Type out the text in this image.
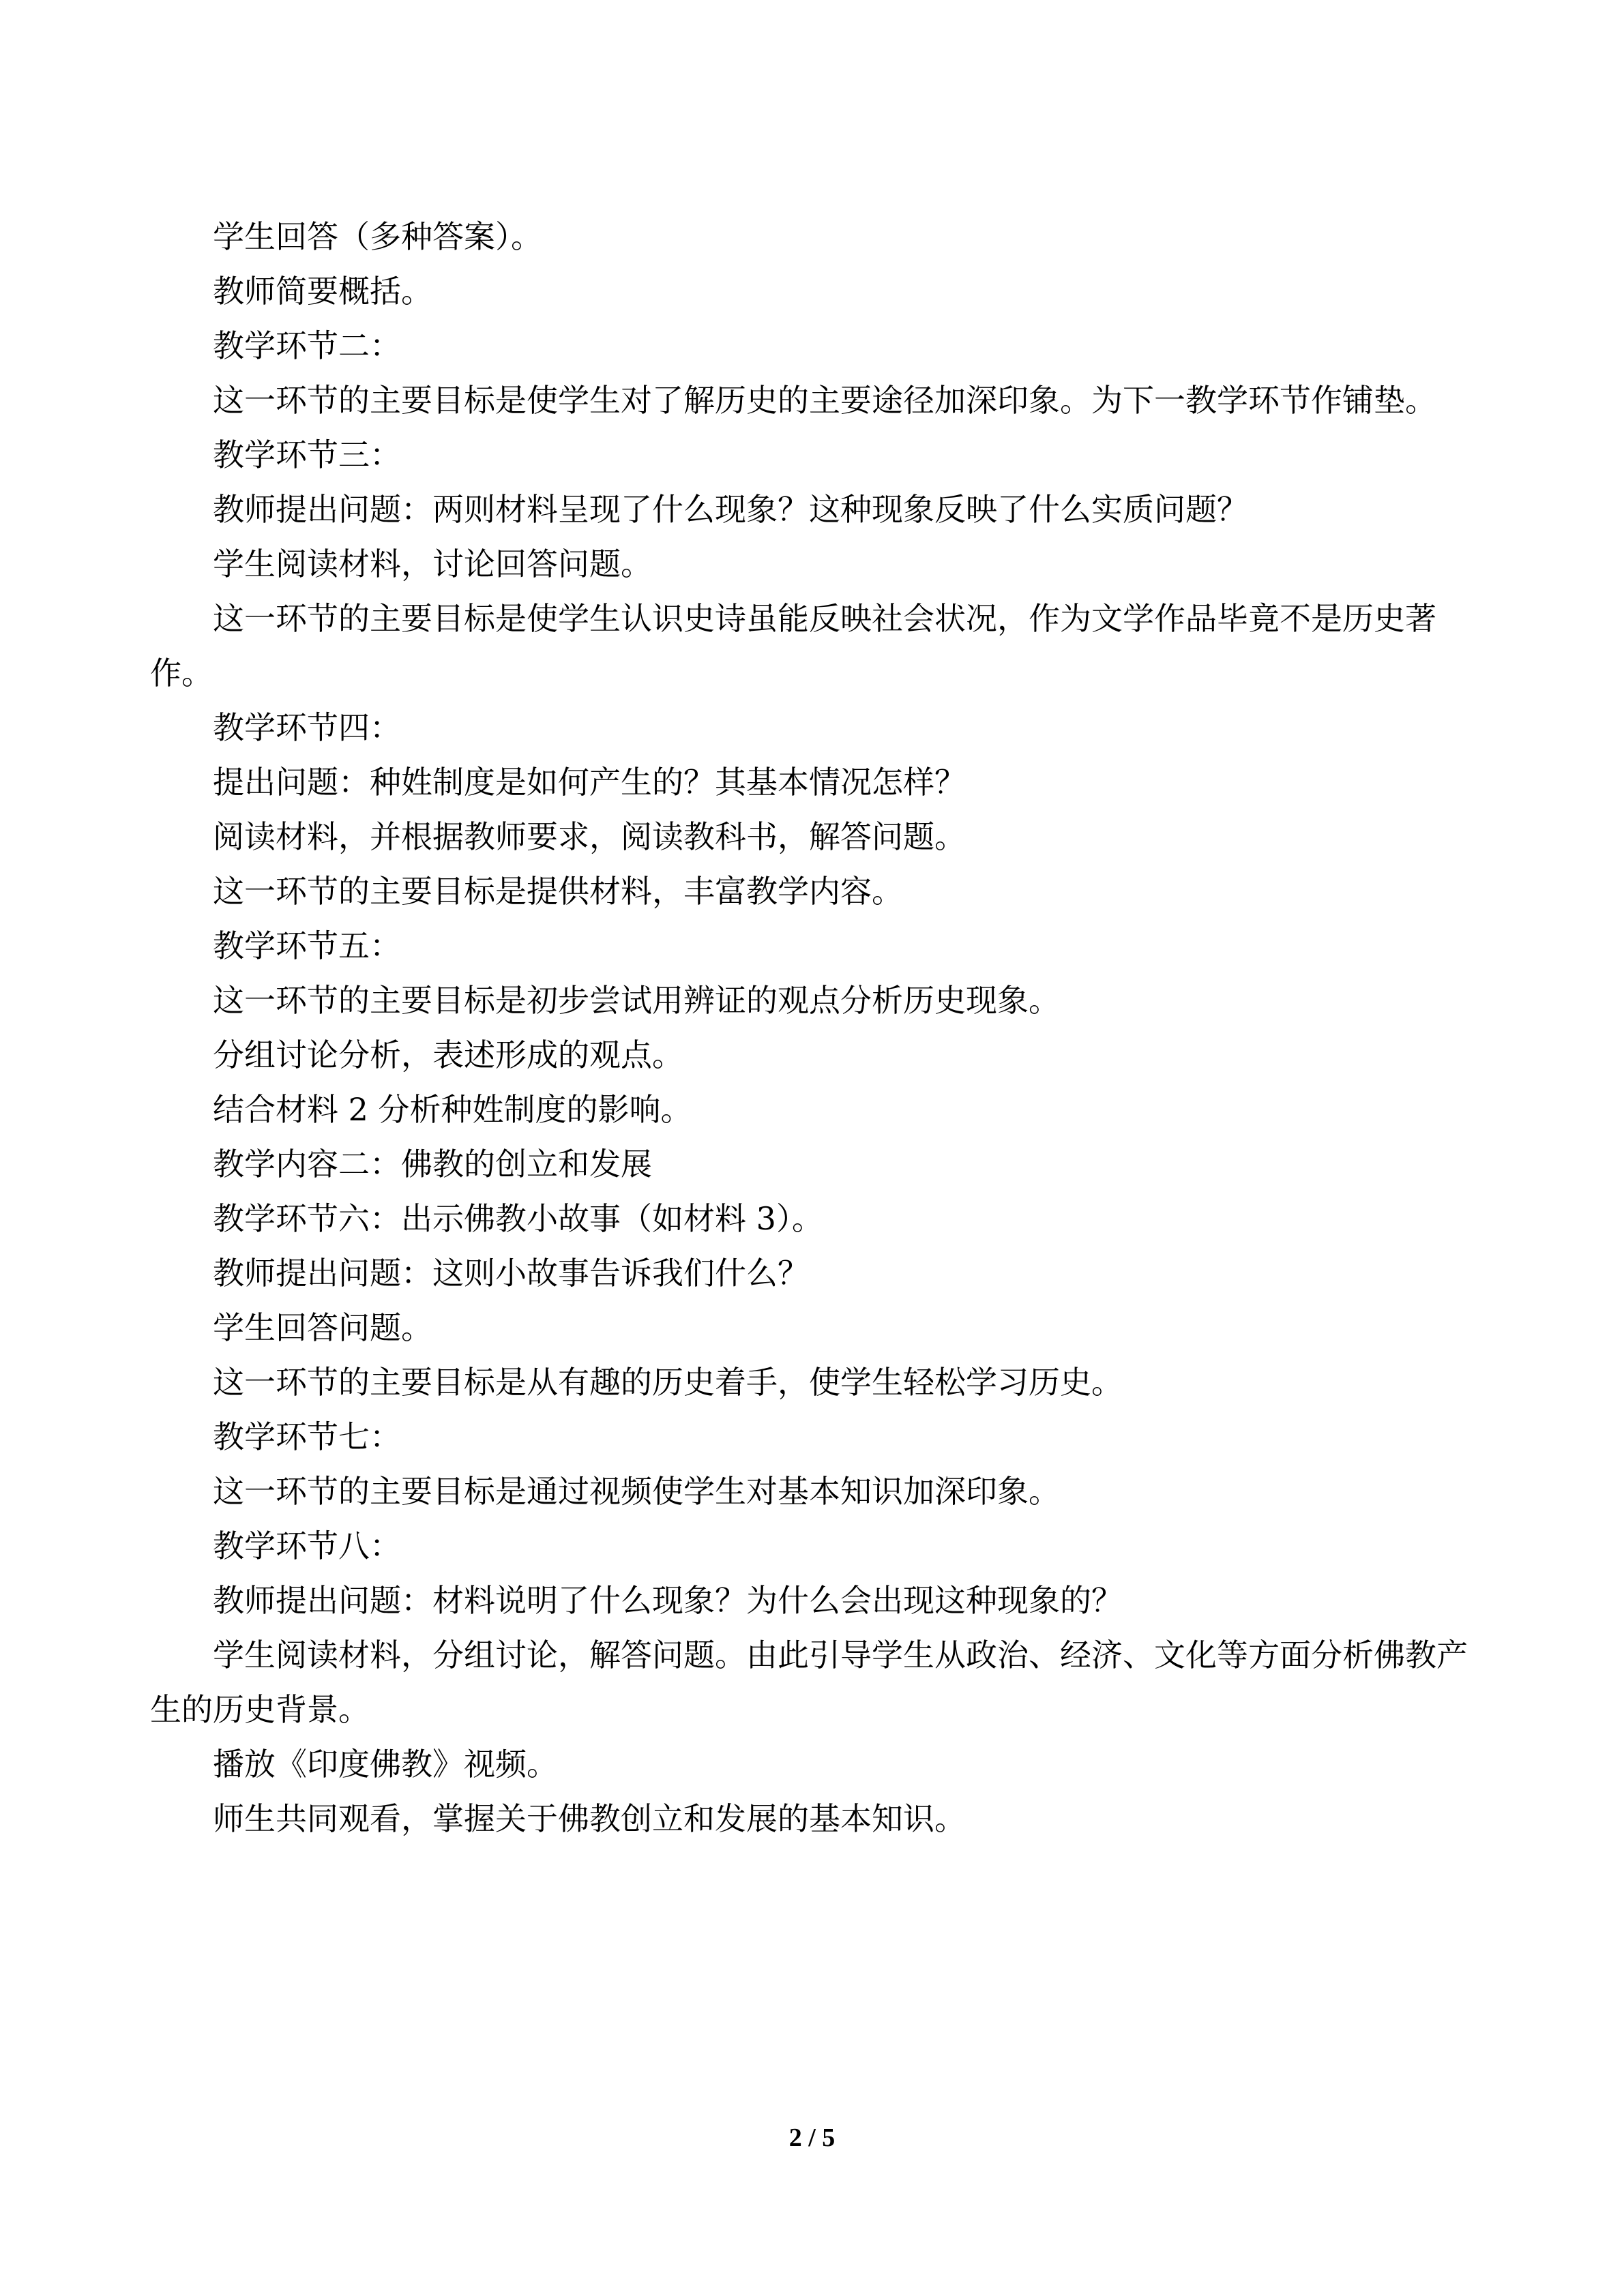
学生回答（多种答案）。

教师简要概括。

教学环节二：

这一环节的主要目标是使学生对了解历史的主要途径加深印象。为下一教学环节作铺垫。

教学环节三：

教师提出问题：两则材料呈现了什么现象？这种现象反映了什么实质问题？

学生阅读材料，讨论回答问题。

这一环节的主要目标是使学生认识史诗虽能反映社会状况，作为文学作品毕竟不是历史著作。

教学环节四：

提出问题：种姓制度是如何产生的？其基本情况怎样？

阅读材料，并根据教师要求，阅读教科书，解答问题。

这一环节的主要目标是提供材料，丰富教学内容。

教学环节五：

这一环节的主要目标是初步尝试用辨证的观点分析历史现象。

分组讨论分析，表述形成的观点。

结合材料 2 分析种姓制度的影响。

教学内容二：佛教的创立和发展

教学环节六：出示佛教小故事（如材料 3）。

教师提出问题：这则小故事告诉我们什么？

学生回答问题。

这一环节的主要目标是从有趣的历史着手，使学生轻松学习历史。

教学环节七：

这一环节的主要目标是通过视频使学生对基本知识加深印象。

教学环节八：

教师提出问题：材料说明了什么现象？为什么会出现这种现象的？

学生阅读材料，分组讨论，解答问题。由此引导学生从政治、经济、文化等方面分析佛教产生的历史背景。

播放《印度佛教》视频。

师生共同观看，掌握关于佛教创立和发展的基本知识。

2 / 5
